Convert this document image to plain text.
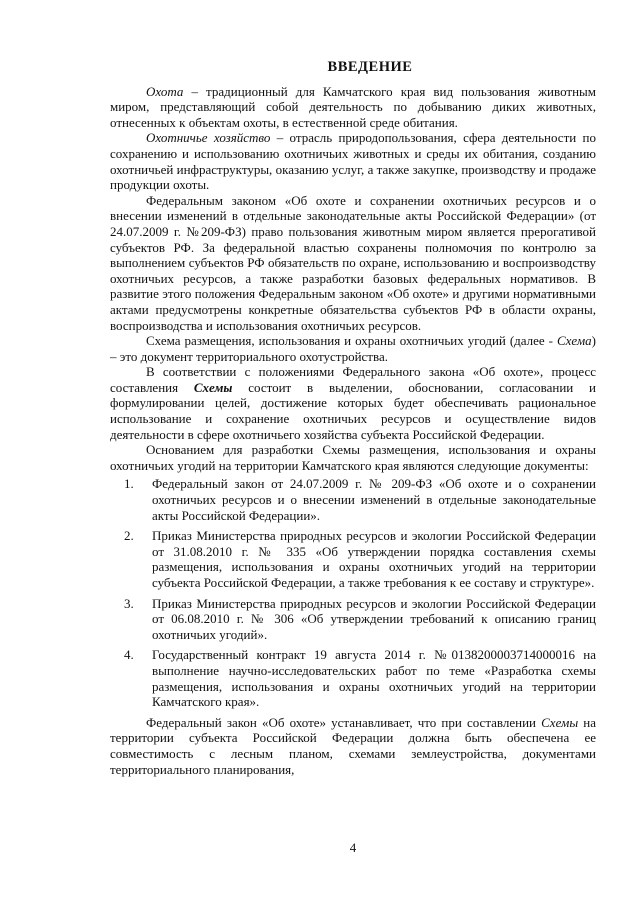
ВВЕДЕНИЕ

Охота – традиционный для Камчатского края вид пользования животным миром, представляющий собой деятельность по добыванию диких животных, отнесенных к объектам охоты, в естественной среде обитания.

Охотничье хозяйство – отрасль природопользования, сфера деятельности по сохранению и использованию охотничьих животных и среды их обитания, созданию охотничьей инфраструктуры, оказанию услуг, а также закупке, производству и продаже продукции охоты.

Федеральным законом «Об охоте и сохранении охотничьих ресурсов и о внесении изменений в отдельные законодательные акты Российской Федерации» (от 24.07.2009 г. №209-ФЗ) право пользования животным миром является прерогативой субъектов РФ. За федеральной властью сохранены полномочия по контролю за выполнением субъектов РФ обязательств по охране, использованию и воспроизводству охотничьих ресурсов, а также разработки базовых федеральных нормативов. В развитие этого положения Федеральным законом «Об охоте» и другими нормативными актами предусмотрены конкретные обязательства субъектов РФ в области охраны, воспроизводства и использования охотничьих ресурсов.

Схема размещения, использования и охраны охотничьих угодий (далее - Схема) – это документ территориального охотустройства.

В соответствии с положениями Федерального закона «Об охоте», процесс составления Схемы состоит в выделении, обосновании, согласовании и формулировании целей, достижение которых будет обеспечивать рациональное использование и сохранение охотничьих ресурсов и осуществление видов деятельности в сфере охотничьего хозяйства субъекта Российской Федерации.

Основанием для разработки Схемы размещения, использования и охраны охотничьих угодий на территории Камчатского края являются следующие документы:

1. Федеральный закон от 24.07.2009 г. № 209-ФЗ «Об охоте и о сохранении охотничьих ресурсов и о внесении изменений в отдельные законодательные акты Российской Федерации».
2. Приказ Министерства природных ресурсов и экологии Российской Федерации от 31.08.2010 г. № 335 «Об утверждении порядка составления схемы размещения, использования и охраны охотничьих угодий на территории субъекта Российской Федерации, а также требования к ее составу и структуре».
3. Приказ Министерства природных ресурсов и экологии Российской Федерации от 06.08.2010 г. № 306 «Об утверждении требований к описанию границ охотничьих угодий».
4. Государственный контракт 19 августа 2014 г. №0138200003714000016 на выполнение научно-исследовательских работ по теме «Разработка схемы размещения, использования и охраны охотничьих угодий на территории Камчатского края».

Федеральный закон «Об охоте» устанавливает, что при составлении Схемы на территории субъекта Российской Федерации должна быть обеспечена ее совместимость с лесным планом, схемами землеустройства, документами территориального планирования,

4
